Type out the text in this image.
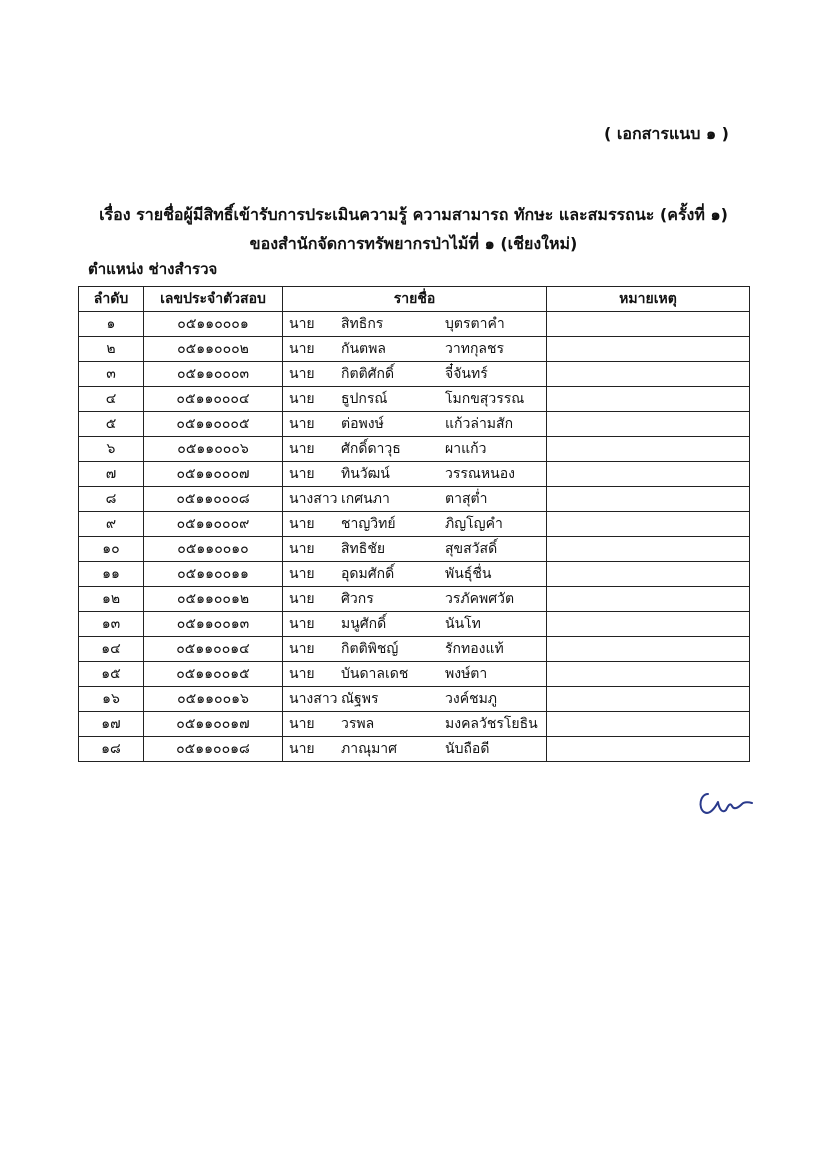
( เอกสารแนบ ๑ )
เรื่อง รายชื่อผู้มีสิทธิ์เข้ารับการประเมินความรู้ ความสามารถ ทักษะ และสมรรถนะ (ครั้งที่ ๑)
ของสำนักจัดการทรัพยากรป่าไม้ที่ ๑ (เชียงใหม่)
ตำแหน่ง ช่างสำรวจ
ลำดับ	เลขประจำตัวสอบ	รายชื่อ	หมายเหตุ
๑	๐๕๑๑๐๐๐๑	นาย สิทธิกร บุตรตาคำ	

๒	๐๕๑๑๐๐๐๒	นาย กันตพล วาทกุลชร	

๓	๐๕๑๑๐๐๐๓	นาย กิตติศักดิ์ จี๋จันทร์	

๔	๐๕๑๑๐๐๐๔	นาย ธูปกรณ์ โมกขสุวรรณ	

๕	๐๕๑๑๐๐๐๕	นาย ต่อพงษ์ แก้วล่ามสัก	

๖	๐๕๑๑๐๐๐๖	นาย ศักดิ์ดาวุธ ผาแก้ว	

๗	๐๕๑๑๐๐๐๗	นาย ทินวัฒน์ วรรณหนอง	

๘	๐๕๑๑๐๐๐๘	นางสาว เกศนภา ตาสุต่ำ	

๙	๐๕๑๑๐๐๐๙	นาย ชาญวิทย์ ภิญโญคำ	

๑๐	๐๕๑๑๐๐๑๐	นาย สิทธิชัย สุขสวัสดิ์	

๑๑	๐๕๑๑๐๐๑๑	นาย อุดมศักดิ์ พันธุ์ชื่น	

๑๒	๐๕๑๑๐๐๑๒	นาย ศิวกร วรภัคพศวัต	

๑๓	๐๕๑๑๐๐๑๓	นาย มนูศักดิ์ นันโท	

๑๔	๐๕๑๑๐๐๑๔	นาย กิตติพิชญ์ รักทองแท้	

๑๕	๐๕๑๑๐๐๑๕	นาย บันดาลเดช พงษ์ตา	

๑๖	๐๕๑๑๐๐๑๖	นางสาว ณัฐพร วงค์ชมภู	

๑๗	๐๕๑๑๐๐๑๗	นาย วรพล มงคลวัชรโยธิน	

๑๘	๐๕๑๑๐๐๑๘	นาย ภาณุมาศ นับถือดี	
